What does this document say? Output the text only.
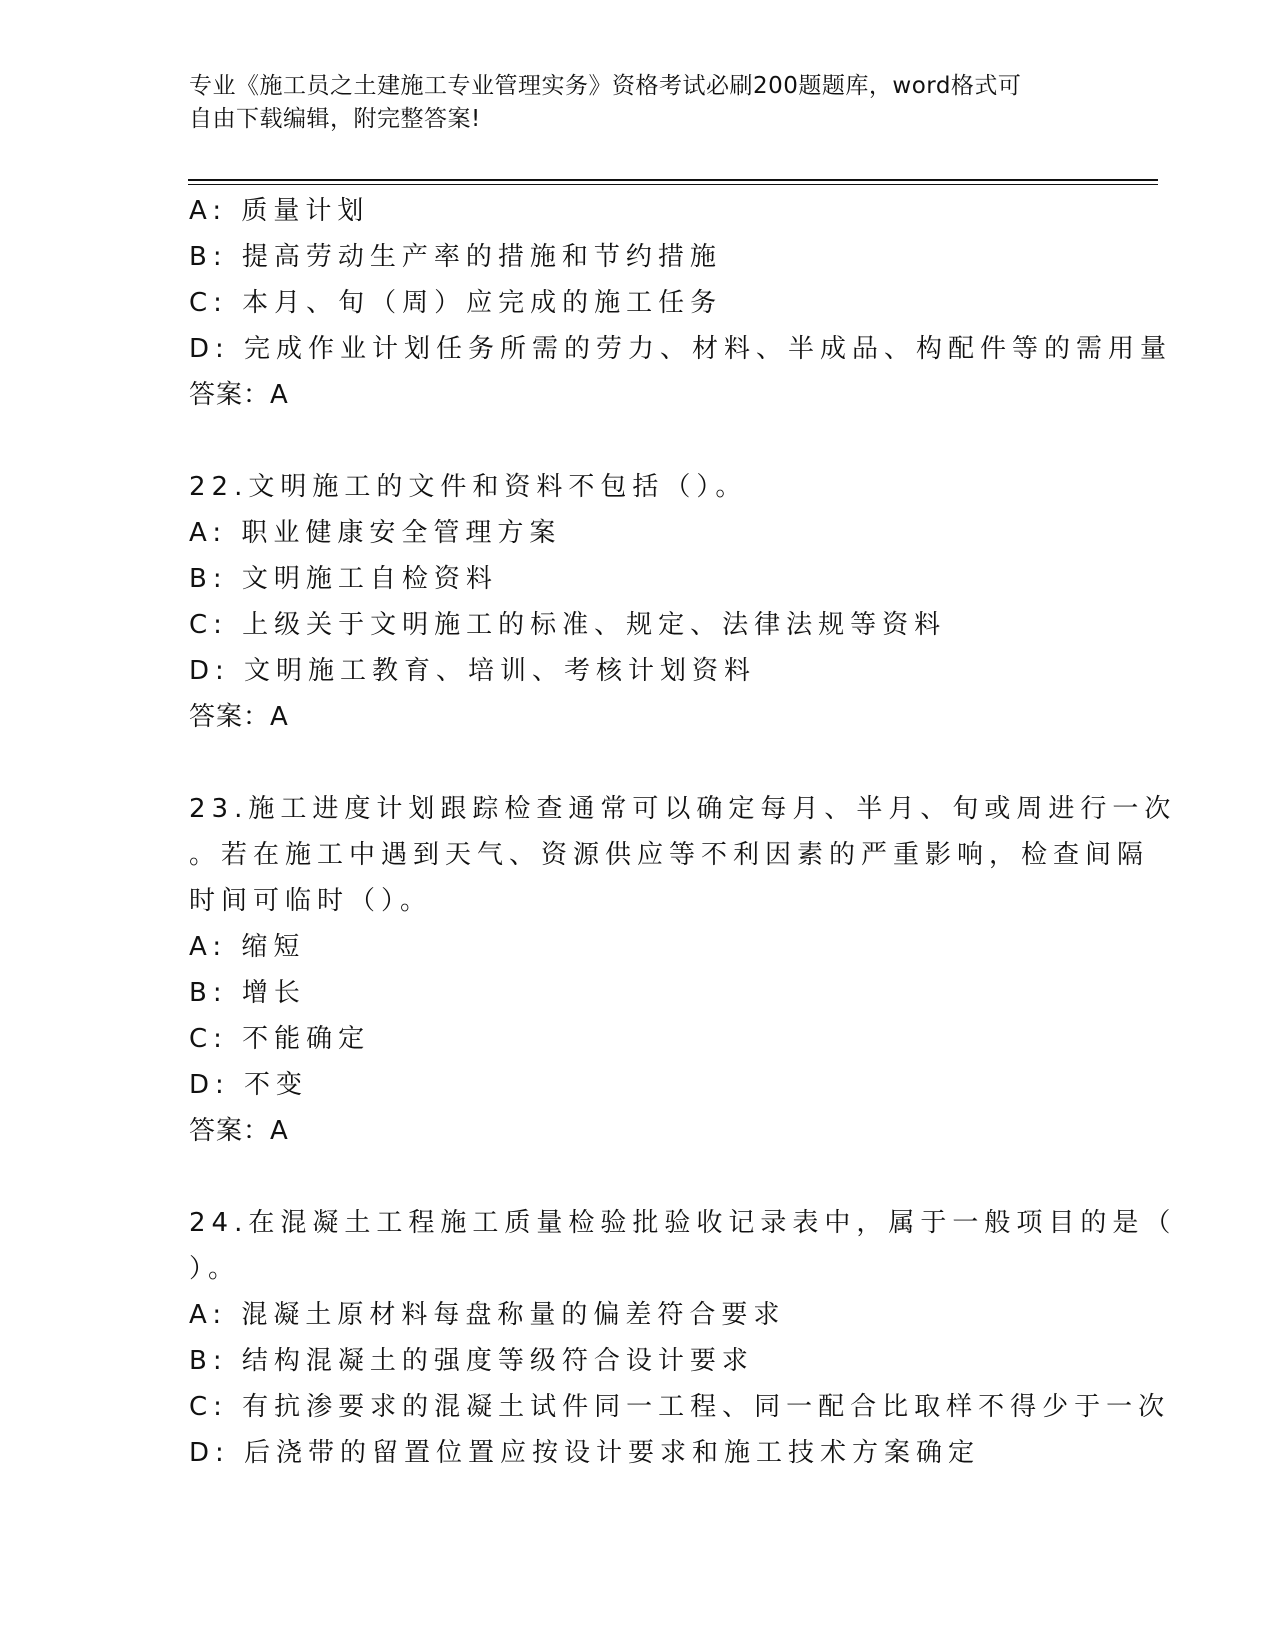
专业《施工员之土建施工专业管理实务》资格考试必刷200题题库，word格式可
自由下载编辑，附完整答案!
A: 质量计划
B: 提高劳动生产率的措施和节约措施
C: 本月、旬（周）应完成的施工任务
D: 完成作业计划任务所需的劳力、材料、半成品、构配件等的需用量
答案：A
22.文明施工的文件和资料不包括（）。
A: 职业健康安全管理方案
B: 文明施工自检资料
C: 上级关于文明施工的标准、规定、法律法规等资料
D: 文明施工教育、培训、考核计划资料
答案：A
23.施工进度计划跟踪检查通常可以确定每月、半月、旬或周进行一次
。若在施工中遇到天气、资源供应等不利因素的严重影响，检查间隔
时间可临时（）。
A: 缩短
B: 增长
C: 不能确定
D: 不变
答案：A
24.在混凝土工程施工质量检验批验收记录表中，属于一般项目的是（
）。
A: 混凝土原材料每盘称量的偏差符合要求
B: 结构混凝土的强度等级符合设计要求
C: 有抗渗要求的混凝土试件同一工程、同一配合比取样不得少于一次
D: 后浇带的留置位置应按设计要求和施工技术方案确定
